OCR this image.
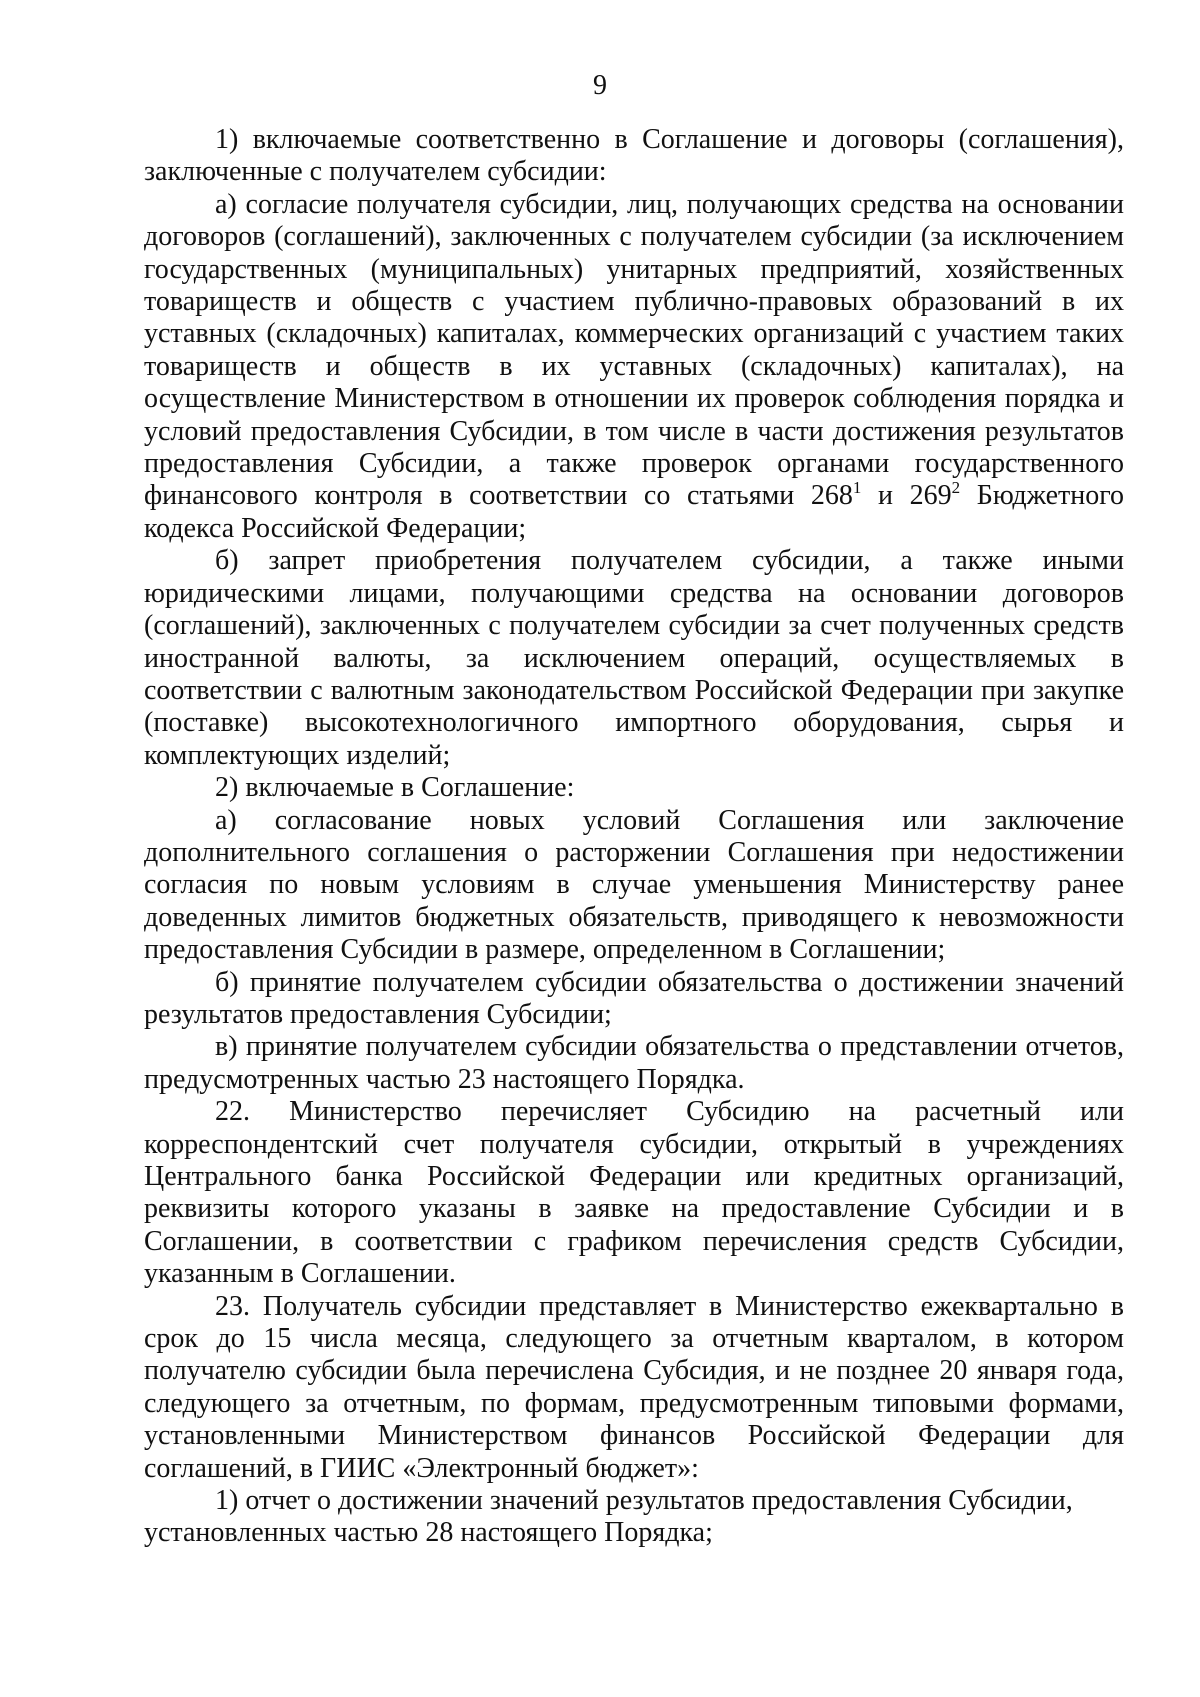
9

1) включаемые соответственно в Соглашение и договоры (соглашения), заключенные с получателем субсидии:

а) согласие получателя субсидии, лиц, получающих средства на основании договоров (соглашений), заключенных с получателем субсидии (за исключением государственных (муниципальных) унитарных предприятий, хозяйственных товариществ и обществ с участием публично-правовых образований в их уставных (складочных) капиталах, коммерческих организаций с участием таких товариществ и обществ в их уставных (складочных) капиталах), на осуществление Министерством в отношении их проверок соблюдения порядка и условий предоставления Субсидии, в том числе в части достижения результатов предоставления Субсидии, а также проверок органами государственного финансового контроля в соответствии со статьями $268^1$ и $269^2$ Бюджетного кодекса Российской Федерации;

б) запрет приобретения получателем субсидии, а также иными юридическими лицами, получающими средства на основании договоров (соглашений), заключенных с получателем субсидии за счет полученных средств иностранной валюты, за исключением операций, осуществляемых в соответствии с валютным законодательством Российской Федерации при закупке (поставке) высокотехнологичного импортного оборудования, сырья и комплектующих изделий;

2) включаемые в Соглашение:

а) согласование новых условий Соглашения или заключение дополнительного соглашения о расторжении Соглашения при недостижении согласия по новым условиям в случае уменьшения Министерству ранее доведенных лимитов бюджетных обязательств, приводящего к невозможности предоставления Субсидии в размере, определенном в Соглашении;

б) принятие получателем субсидии обязательства о достижении значений результатов предоставления Субсидии;

в) принятие получателем субсидии обязательства о представлении отчетов, предусмотренных частью 23 настоящего Порядка.

22. Министерство перечисляет Субсидию на расчетный или корреспондентский счет получателя субсидии, открытый в учреждениях Центрального банка Российской Федерации или кредитных организаций, реквизиты которого указаны в заявке на предоставление Субсидии и в Соглашении, в соответствии с графиком перечисления средств Субсидии, указанным в Соглашении.

23. Получатель субсидии представляет в Министерство ежеквартально в срок до 15 числа месяца, следующего за отчетным кварталом, в котором получателю субсидии была перечислена Субсидия, и не позднее 20 января года, следующего за отчетным, по формам, предусмотренным типовыми формами, установленными Министерством финансов Российской Федерации для соглашений, в ГИИС «Электронный бюджет»:

1) отчет о достижении значений результатов предоставления Субсидии, установленных частью 28 настоящего Порядка;
